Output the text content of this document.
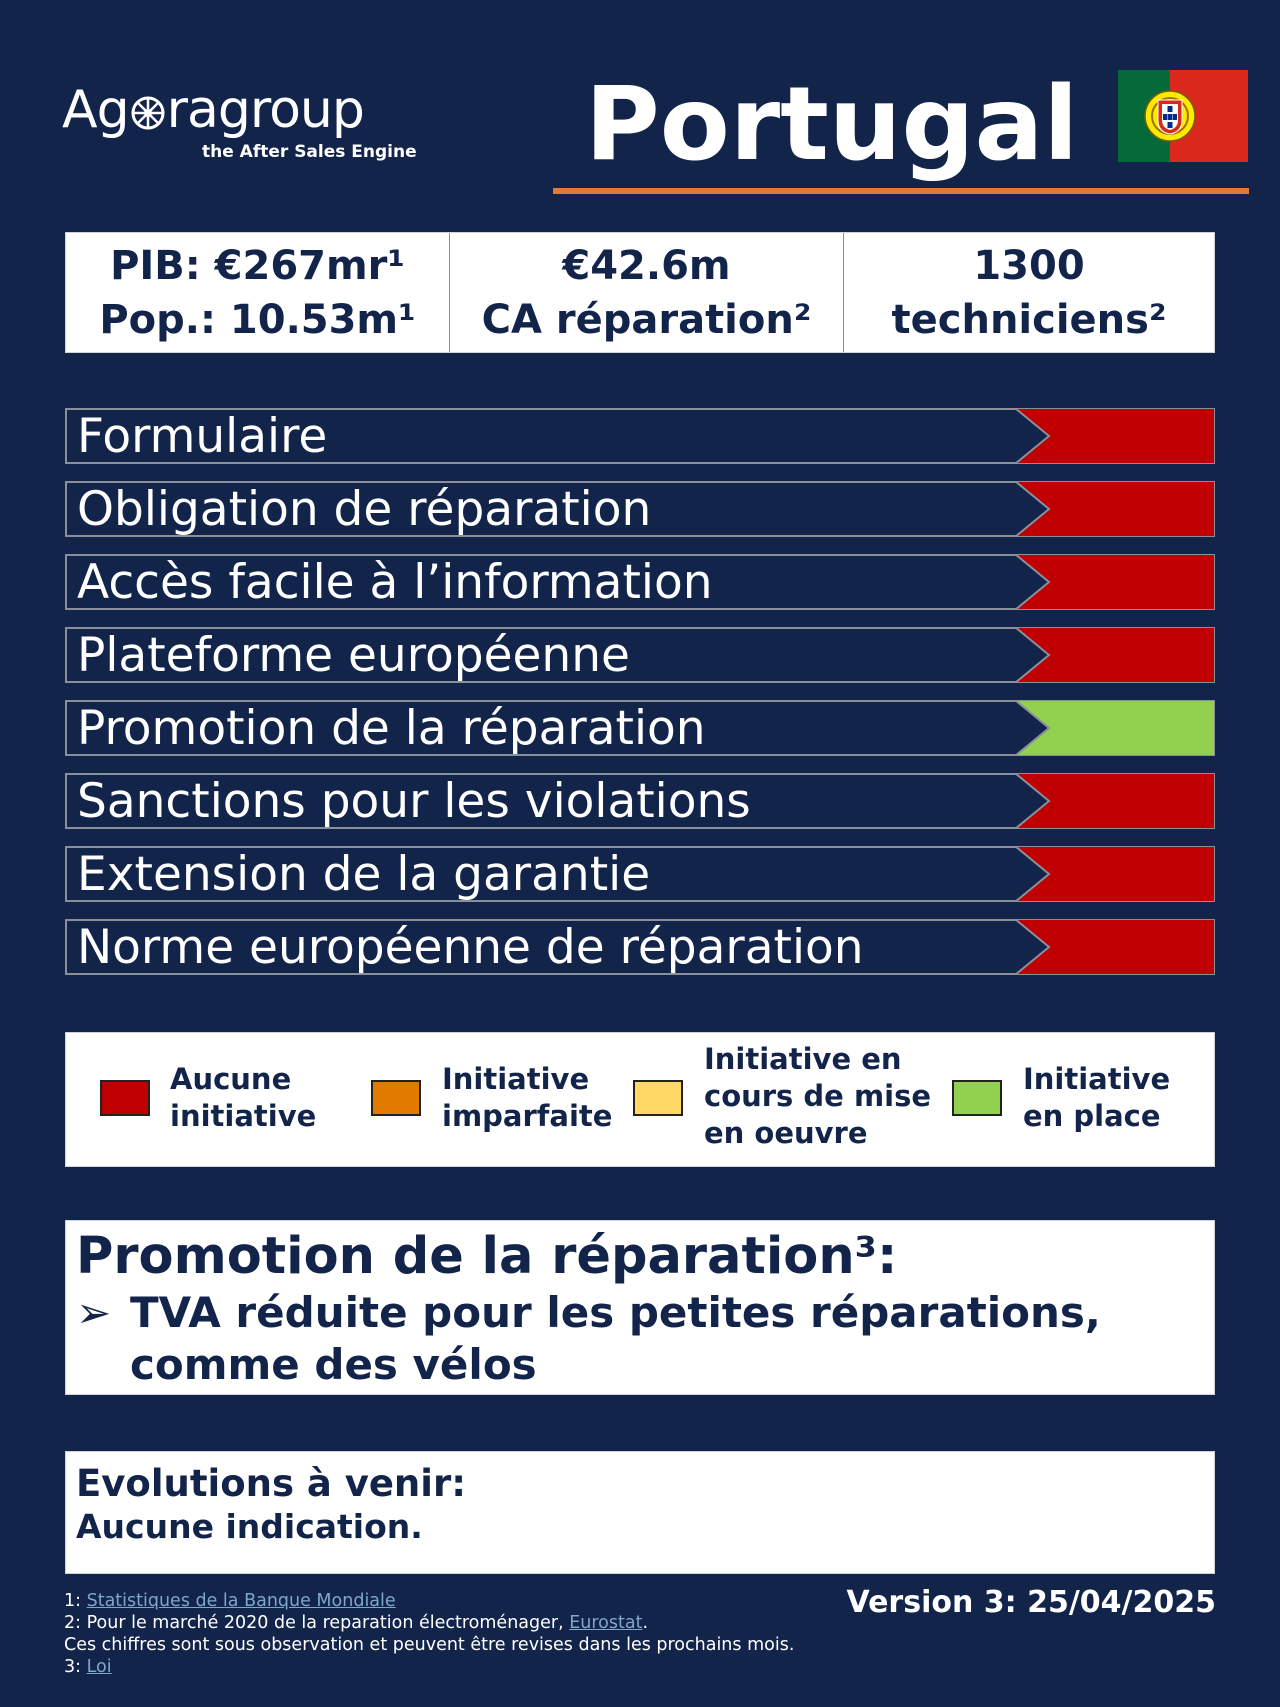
Ag ragroup
the After Sales Engine Portugal
PIB: €267mr¹
Pop.: 10.53m¹
€42.6m
CA réparation²
1300
techniciens²
Formulaire
Obligation de réparation
Accès facile à l’information
Plateforme européenne
Promotion de la réparation
Sanctions pour les violations
Extension de la garantie
Norme européenne de réparation
Aucune
initiative
Initiative
imparfaite
Initiative en
cours de mise
en oeuvre
Initiative
en place
Promotion de la réparation³:
➢ TVA réduite pour les petites réparations,
comme des vélos
Evolutions à venir:
Aucune indication.
1: Statistiques de la Banque Mondiale
2: Pour le marché 2020 de la reparation électroménager, Eurostat.
Ces chiffres sont sous observation et peuvent être revises dans les prochains mois.
3: Loi
Version 3: 25/04/2025
